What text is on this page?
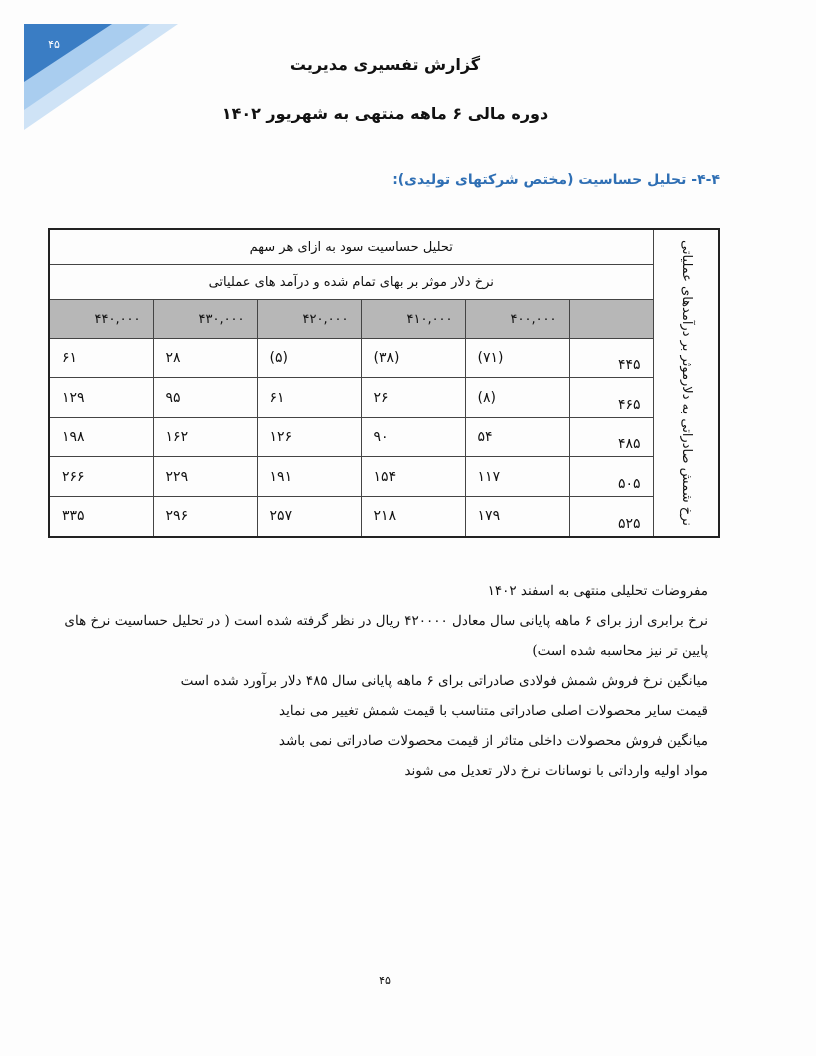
۴۵
گزارش تفسیری مدیریت
دوره مالی ۶ ماهه منتهی به شهریور ۱۴۰۲
۴-۴- تحلیل حساسیت (مختص شرکتهای تولیدی):
نرخ شمش صادراتی به دلارموثر بر درآمدهای عملیاتی	تحلیل حساسیت سود به ازای هر سهم					
	نرخ دلار موثر بر بهای تمام شده و درآمد های عملیاتی					
		۴۰۰,۰۰۰	۴۱۰,۰۰۰	۴۲۰,۰۰۰	۴۳۰,۰۰۰	۴۴۰,۰۰۰
	۴۴۵	(۷۱)	(۳۸)	(۵)	۲۸	۶۱
	۴۶۵	(۸)	۲۶	۶۱	۹۵	۱۲۹
	۴۸۵	۵۴	۹۰	۱۲۶	۱۶۲	۱۹۸
	۵۰۵	۱۱۷	۱۵۴	۱۹۱	۲۲۹	۲۶۶
	۵۲۵	۱۷۹	۲۱۸	۲۵۷	۲۹۶	۳۳۵

مفروضات تحلیلی منتهی به اسفند ۱۴۰۲

نرخ برابری ارز برای ۶ ماهه پایانی سال معادل ۴۲۰۰۰۰ ریال در نظر گرفته شده است ( در تحلیل حساسیت نرخ های پایین تر نیز محاسبه شده است)

میانگین نرخ فروش شمش فولادی صادراتی برای ۶ ماهه پایانی سال ۴۸۵ دلار برآورد شده است

قیمت سایر محصولات اصلی صادراتی متناسب با قیمت شمش تغییر می نماید

میانگین فروش محصولات داخلی متاثر از قیمت محصولات صادراتی نمی باشد

مواد اولیه وارداتی با نوسانات نرخ دلار تعدیل می شوند

۴۵
